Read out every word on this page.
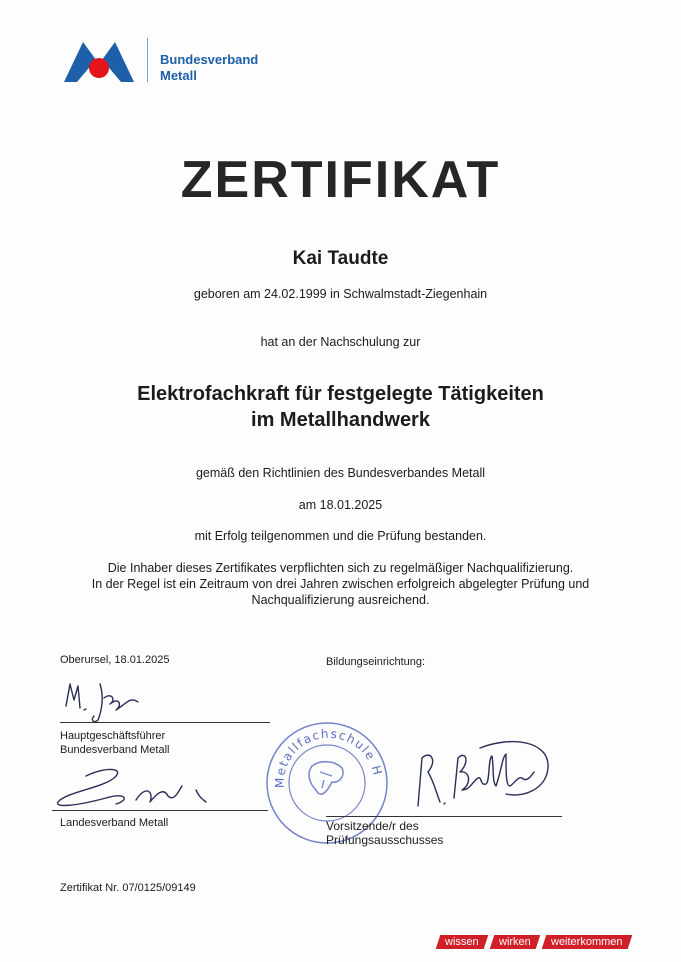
Bundesverband
Metall
ZERTIFIKAT
Kai Taudte
geboren am 24.02.1999 in Schwalmstadt-Ziegenhain
hat an der Nachschulung zur
Elektrofachkraft für festgelegte Tätigkeiten
im Metallhandwerk
gemäß den Richtlinien des Bundesverbandes Metall
am 18.01.2025
mit Erfolg teilgenommen und die Prüfung bestanden.
Die Inhaber dieses Zertifikates verpflichten sich zu regelmäßiger Nachqualifizierung.
In der Regel ist ein Zeitraum von drei Jahren zwischen erfolgreich abgelegter Prüfung und
Nachqualifizierung ausreichend.
Oberursel, 18.01.2025	Bildungseinrichtung:
Hauptgeschäftsführer
Bundesverband Metall
Landesverband Metall
Metallfachschule H
Vorsitzende/r des
Prüfungsausschusses
Zertifikat Nr. 07/0125/09149
wissen wirken weiterkommen
